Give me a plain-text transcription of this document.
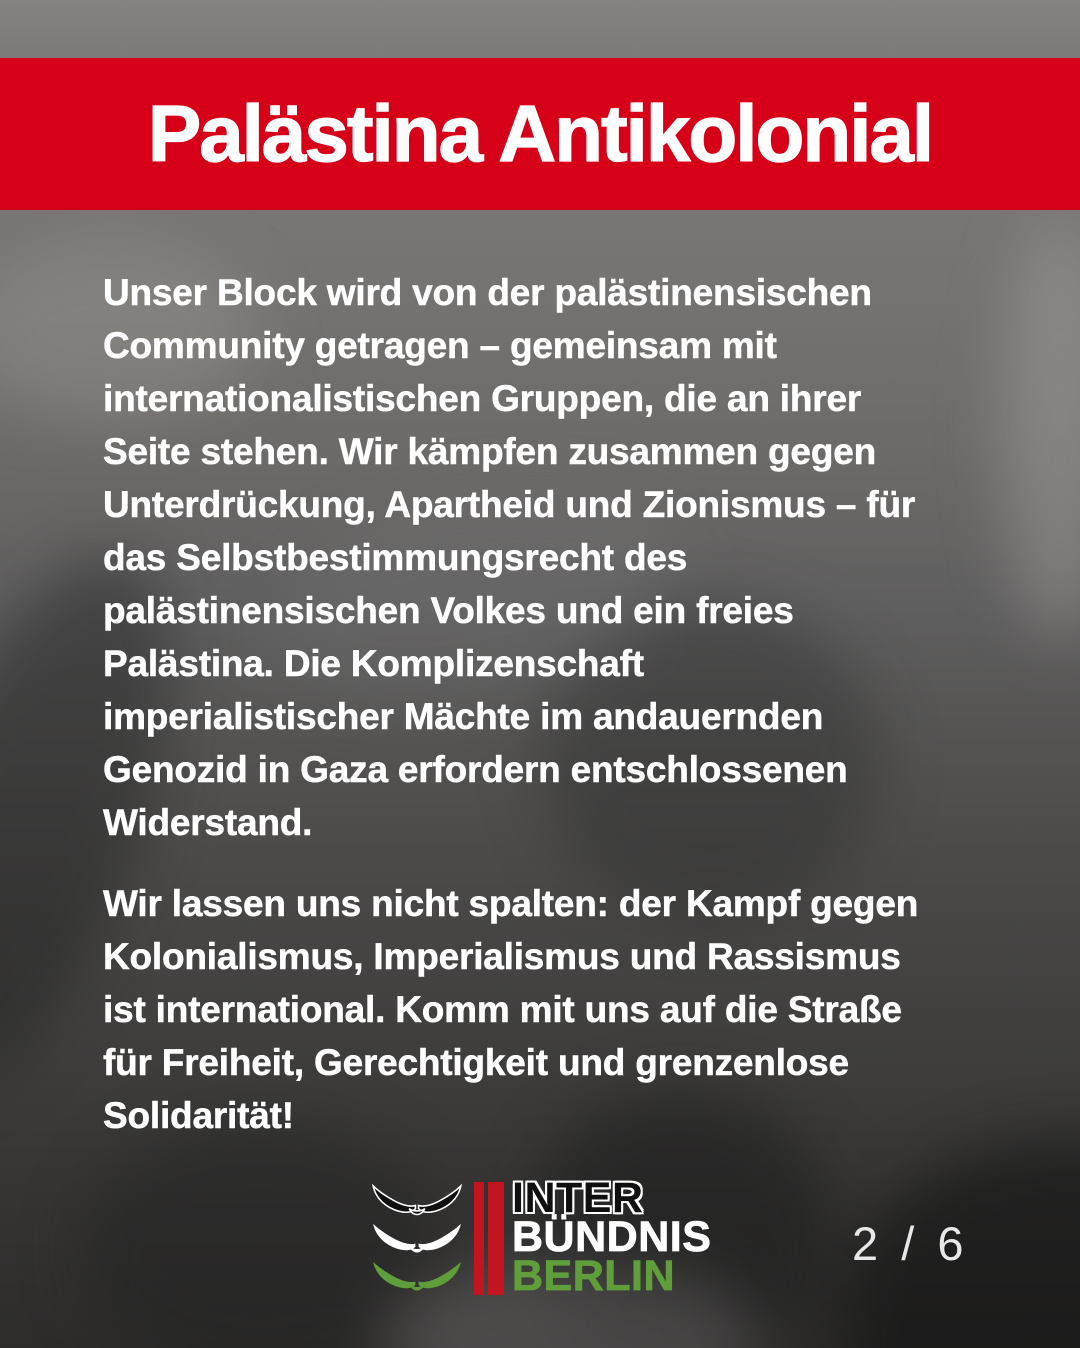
Palästina Antikolonial
Unser Block wird von der palästinensischen
Community getragen – gemeinsam mit
internationalistischen Gruppen, die an ihrer
Seite stehen. Wir kämpfen zusammen gegen
Unterdrückung, Apartheid und Zionismus – für
das Selbstbestimmungsrecht des
palästinensischen Volkes und ein freies
Palästina. Die Komplizenschaft
imperialistischer Mächte im andauernden
Genozid in Gaza erfordern entschlossenen
Widerstand.
Wir lassen uns nicht spalten: der Kampf gegen
Kolonialismus, Imperialismus und Rassismus
ist international. Komm mit uns auf die Straße
für Freiheit, Gerechtigkeit und grenzenlose
Solidarität!
INTER
BÜNDNIS
BERLIN
2 / 6
